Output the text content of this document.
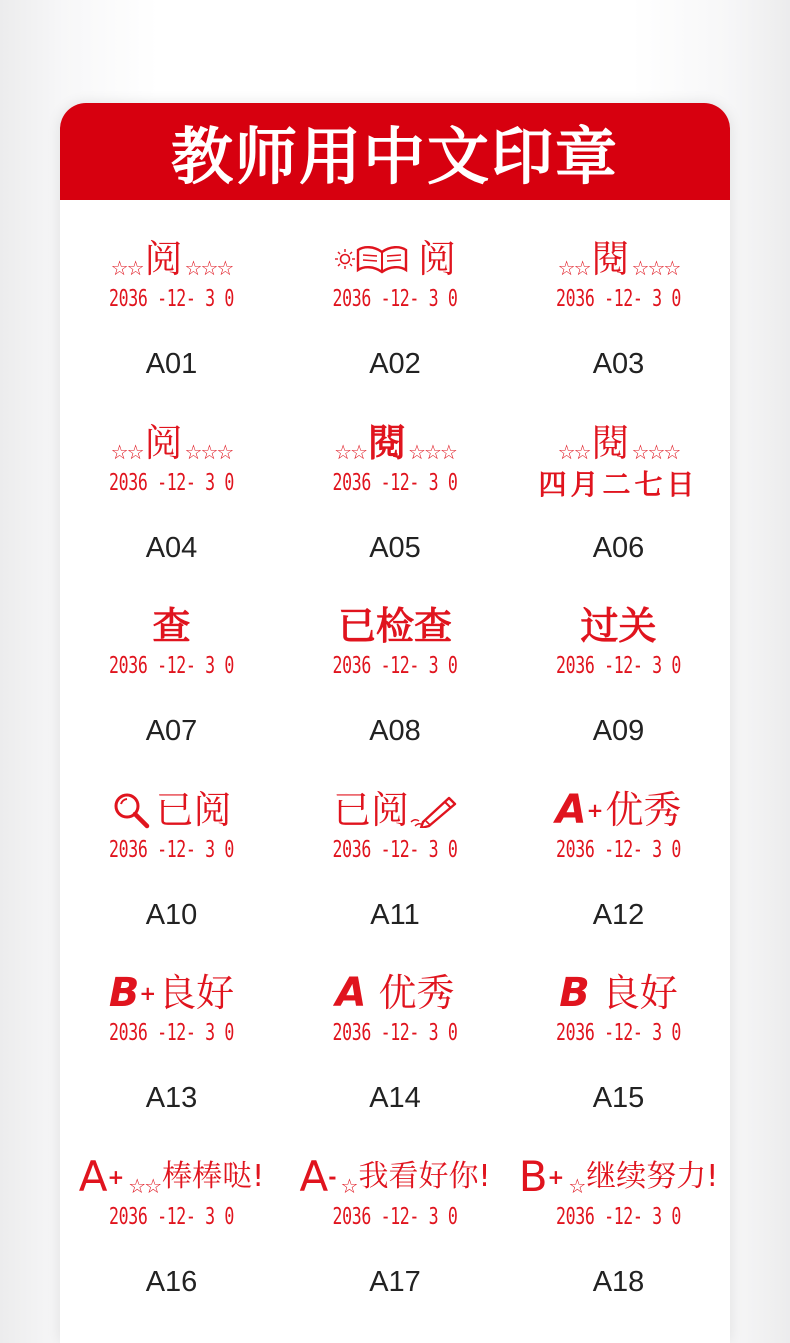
教师用中文印章
☆☆ 阅 ☆☆☆
2036 -12- 3 0
A01
阅
2036 -12- 3 0
A02
☆☆ 閱 ☆☆☆
2036 -12- 3 0
A03
☆☆ 阅 ☆☆☆
2036 -12- 3 0
A04
☆☆ 閱 ☆☆☆
2036 -12- 3 0
A05
☆☆ 閱 ☆☆☆
四月二七日
A06
查
2036 -12- 3 0
A07
已检查
2036 -12- 3 0
A08
过关
2036 -12- 3 0
A09
已阅
2036 -12- 3 0
A10
已阅
2036 -12- 3 0
A11
A + 优秀
2036 -12- 3 0
A12
B + 良好
2036 -12- 3 0
A13
A 优秀
2036 -12- 3 0
A14
B 良好
2036 -12- 3 0
A15
A + ☆☆ 棒棒哒!
2036 -12- 3 0
A16
A - ☆ 我看好你!
2036 -12- 3 0
A17
B + ☆ 继续努力!
2036 -12- 3 0
A18
